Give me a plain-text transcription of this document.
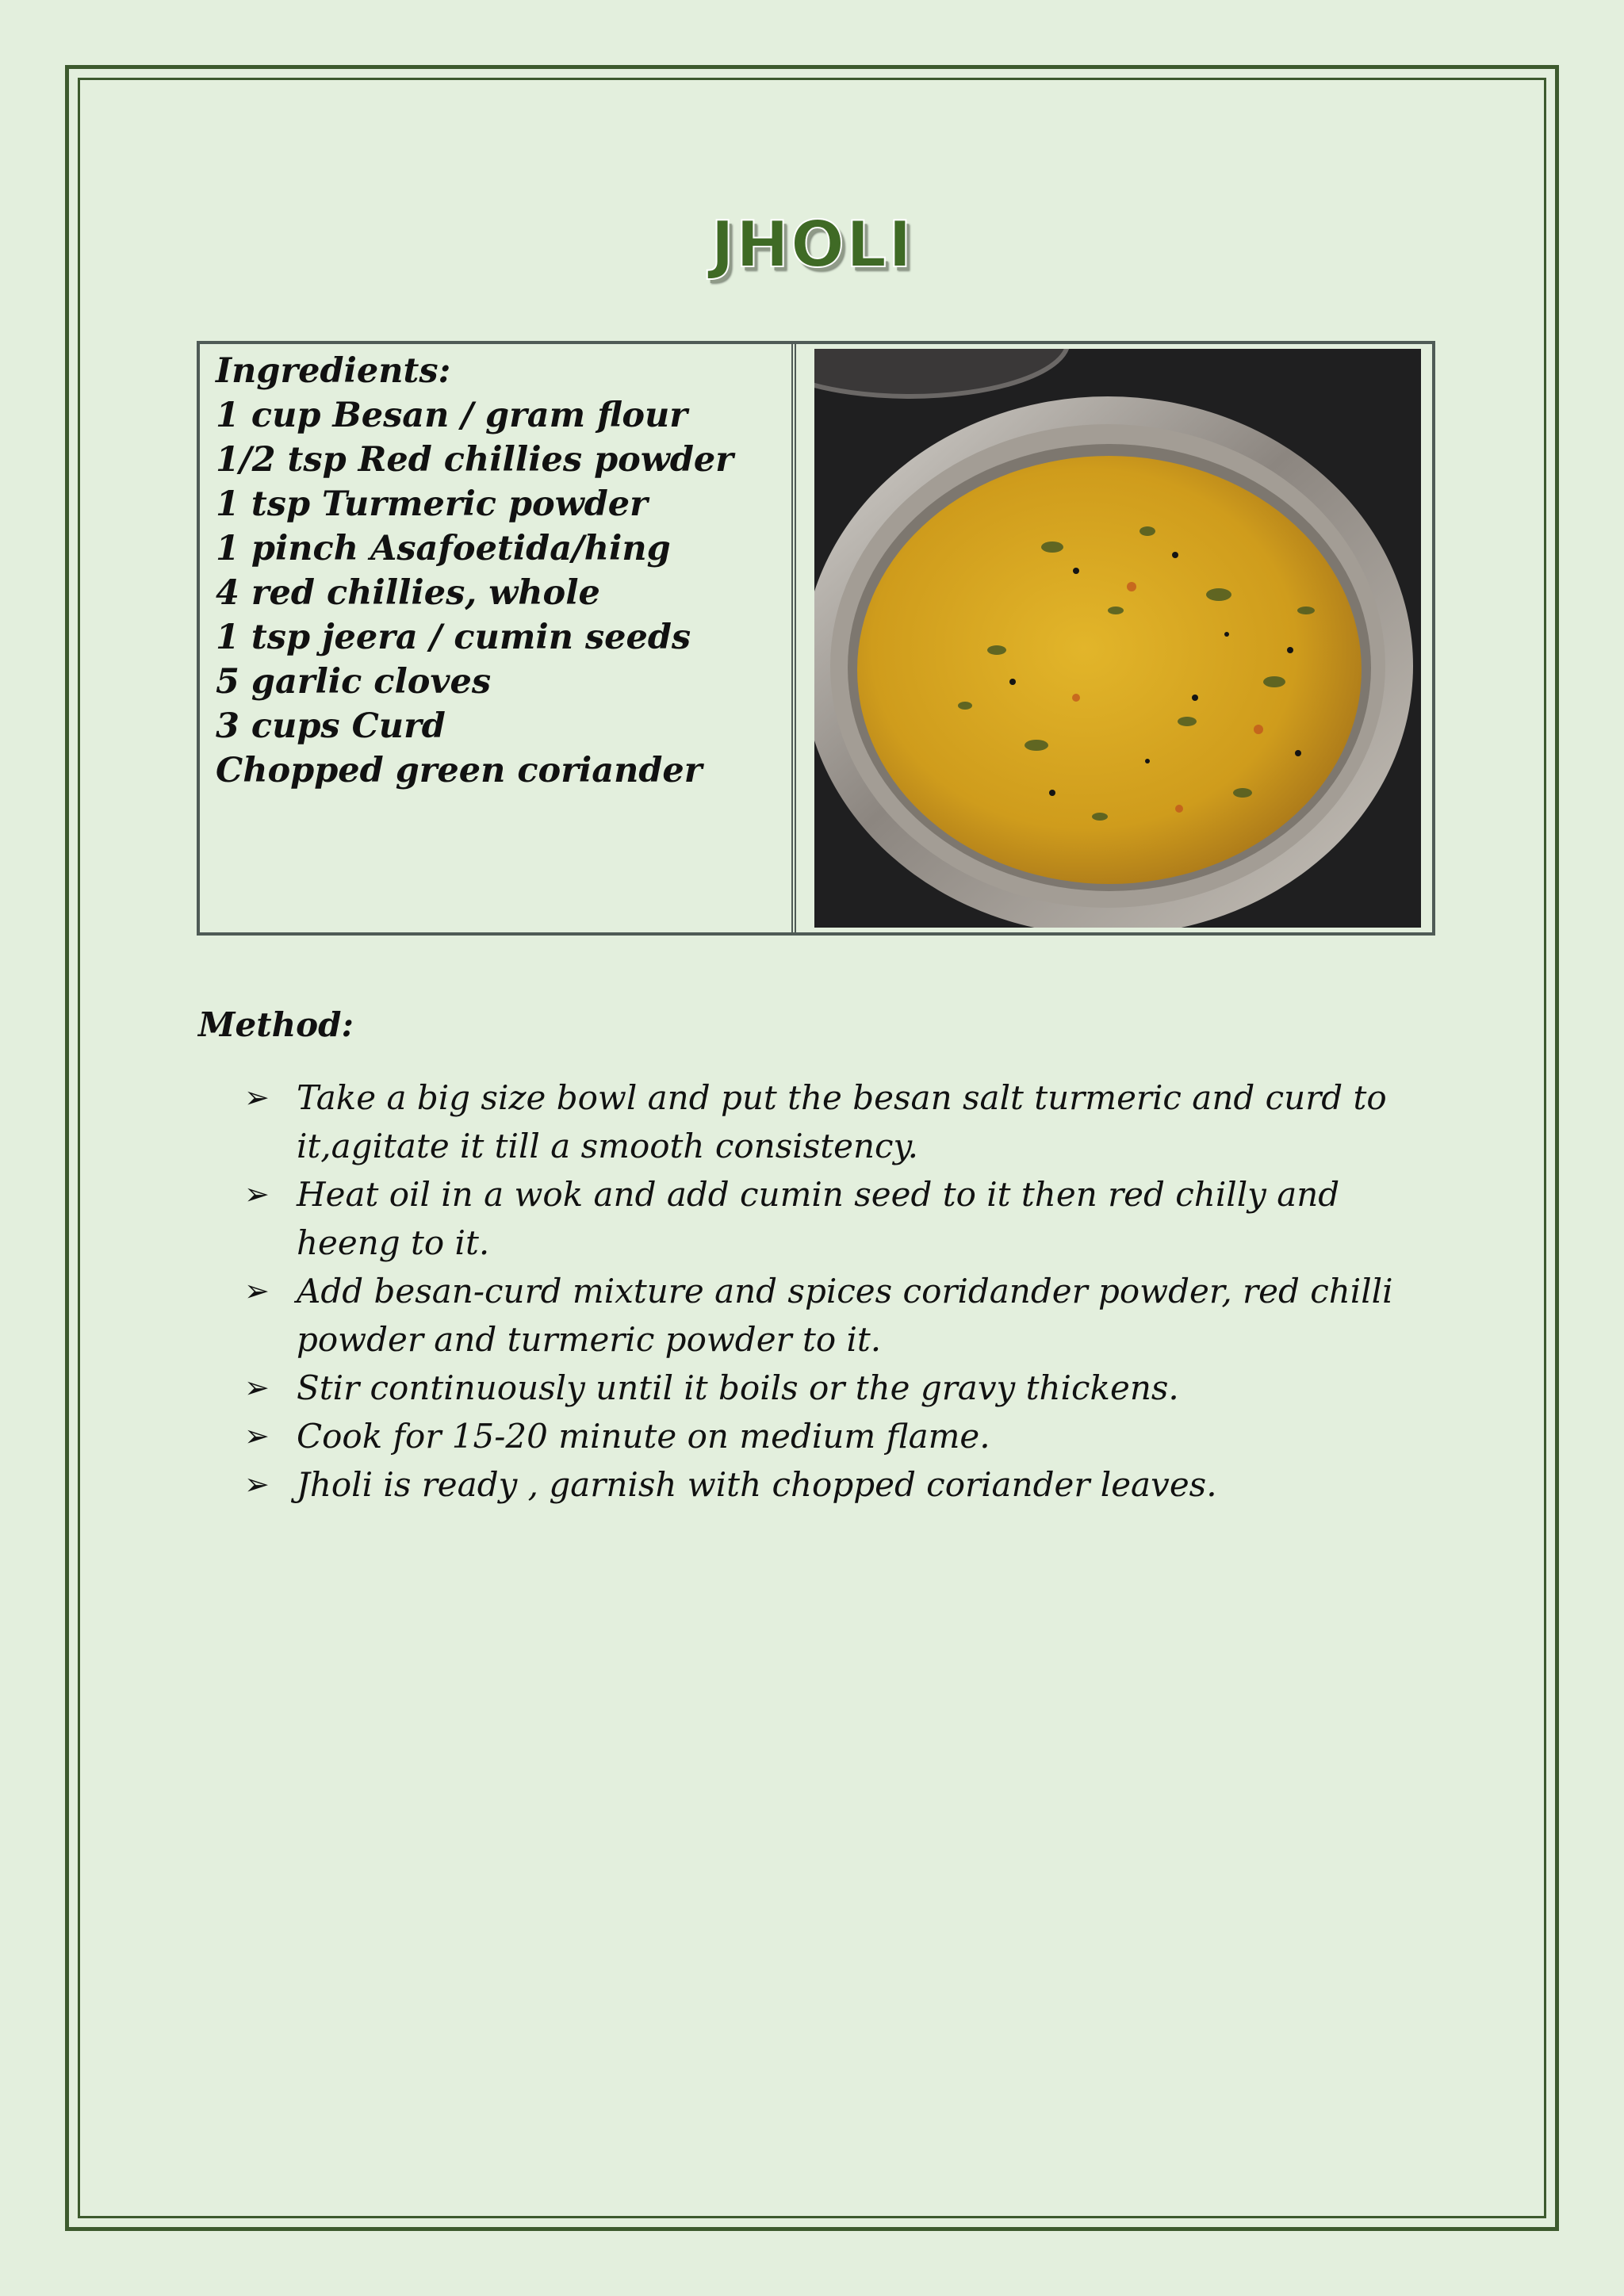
JHOLI
Ingredients:
1 cup Besan / gram flour
1/2 tsp Red chillies powder
1 tsp Turmeric powder
1 pinch Asafoetida/hing
4 red chillies, whole
1 tsp jeera / cumin seeds
5 garlic cloves
3 cups Curd
Chopped green coriander
Method:
➢ Take a big size bowl and put the besan salt turmeric and curd to it,agitate it till a smooth consistency.
➢ Heat oil in a wok and add cumin seed to it then red chilly and heeng to it.
➢ Add besan-curd mixture and spices coridander powder, red chilli powder and turmeric powder to it.
➢ Stir continuously until it boils or the gravy thickens.
➢ Cook for 15-20 minute on medium flame.
➢ Jholi is ready , garnish with chopped coriander leaves.
